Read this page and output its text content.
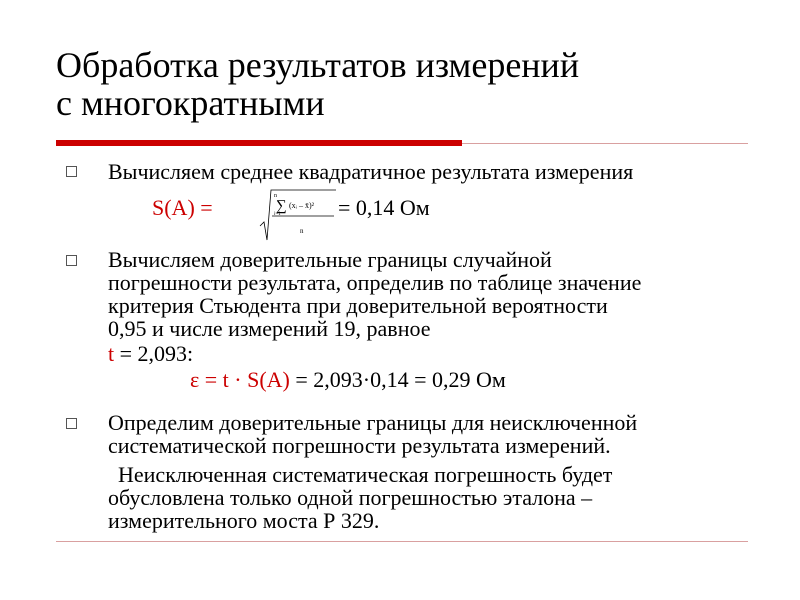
Обработка результатов измерений
с многократными
Вычисляем среднее квадратичное результата измерения
S(A) =	n
∑
i=1
(xᵢ – x̄)²
n
= 0,14 Ом
Вычисляем доверительные границы случайной
погрешности результата, определив по таблице значение
критерия Стьюдента при доверительной вероятности
0,95 и числе измерений 19, равное
t = 2,093:
ε = t · S(A) = 2,093·0,14 = 0,29 Ом
Определим доверительные границы для неисключенной
систематической погрешности результата измерений.
Неисключенная систематическая погрешность будет
обусловлена только одной погрешностью эталона –
измерительного моста Р 329.
